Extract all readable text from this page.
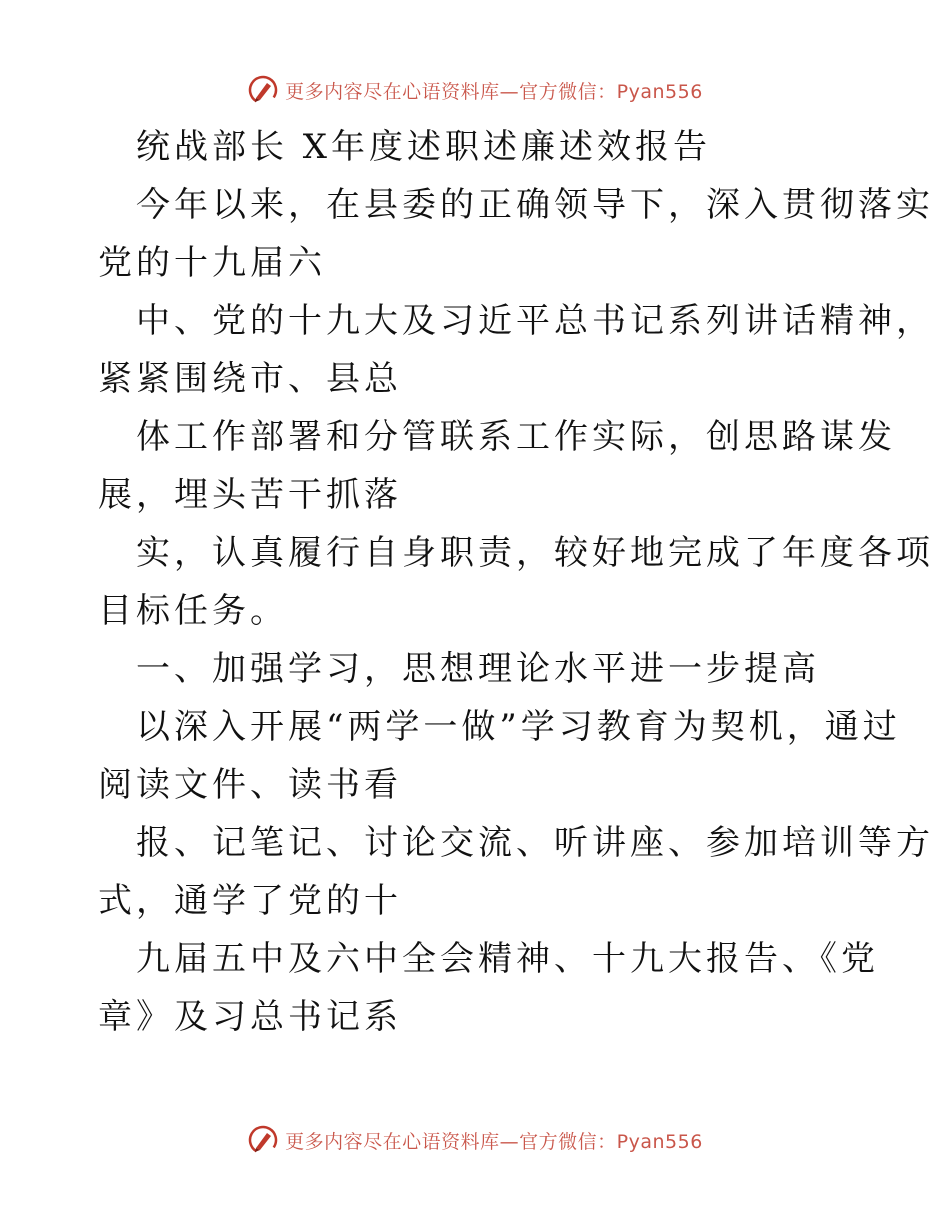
更多内容尽在心语资料库—官方微信：Pyan556
统战部长 X年度述职述廉述效报告
今年以来，在县委的正确领导下，深入贯彻落实
党的十九届六
中、党的十九大及习近平总书记系列讲话精神，
紧紧围绕市、县总
体工作部署和分管联系工作实际，创思路谋发
展，埋头苦干抓落
实，认真履行自身职责，较好地完成了年度各项
目标任务。
一、加强学习，思想理论水平进一步提高
以深入开展“两学一做”学习教育为契机，通过
阅读文件、读书看
报、记笔记、讨论交流、听讲座、参加培训等方
式，通学了党的十
九届五中及六中全会精神、十九大报告、《党
章》及习总书记系
更多内容尽在心语资料库—官方微信：Pyan556
